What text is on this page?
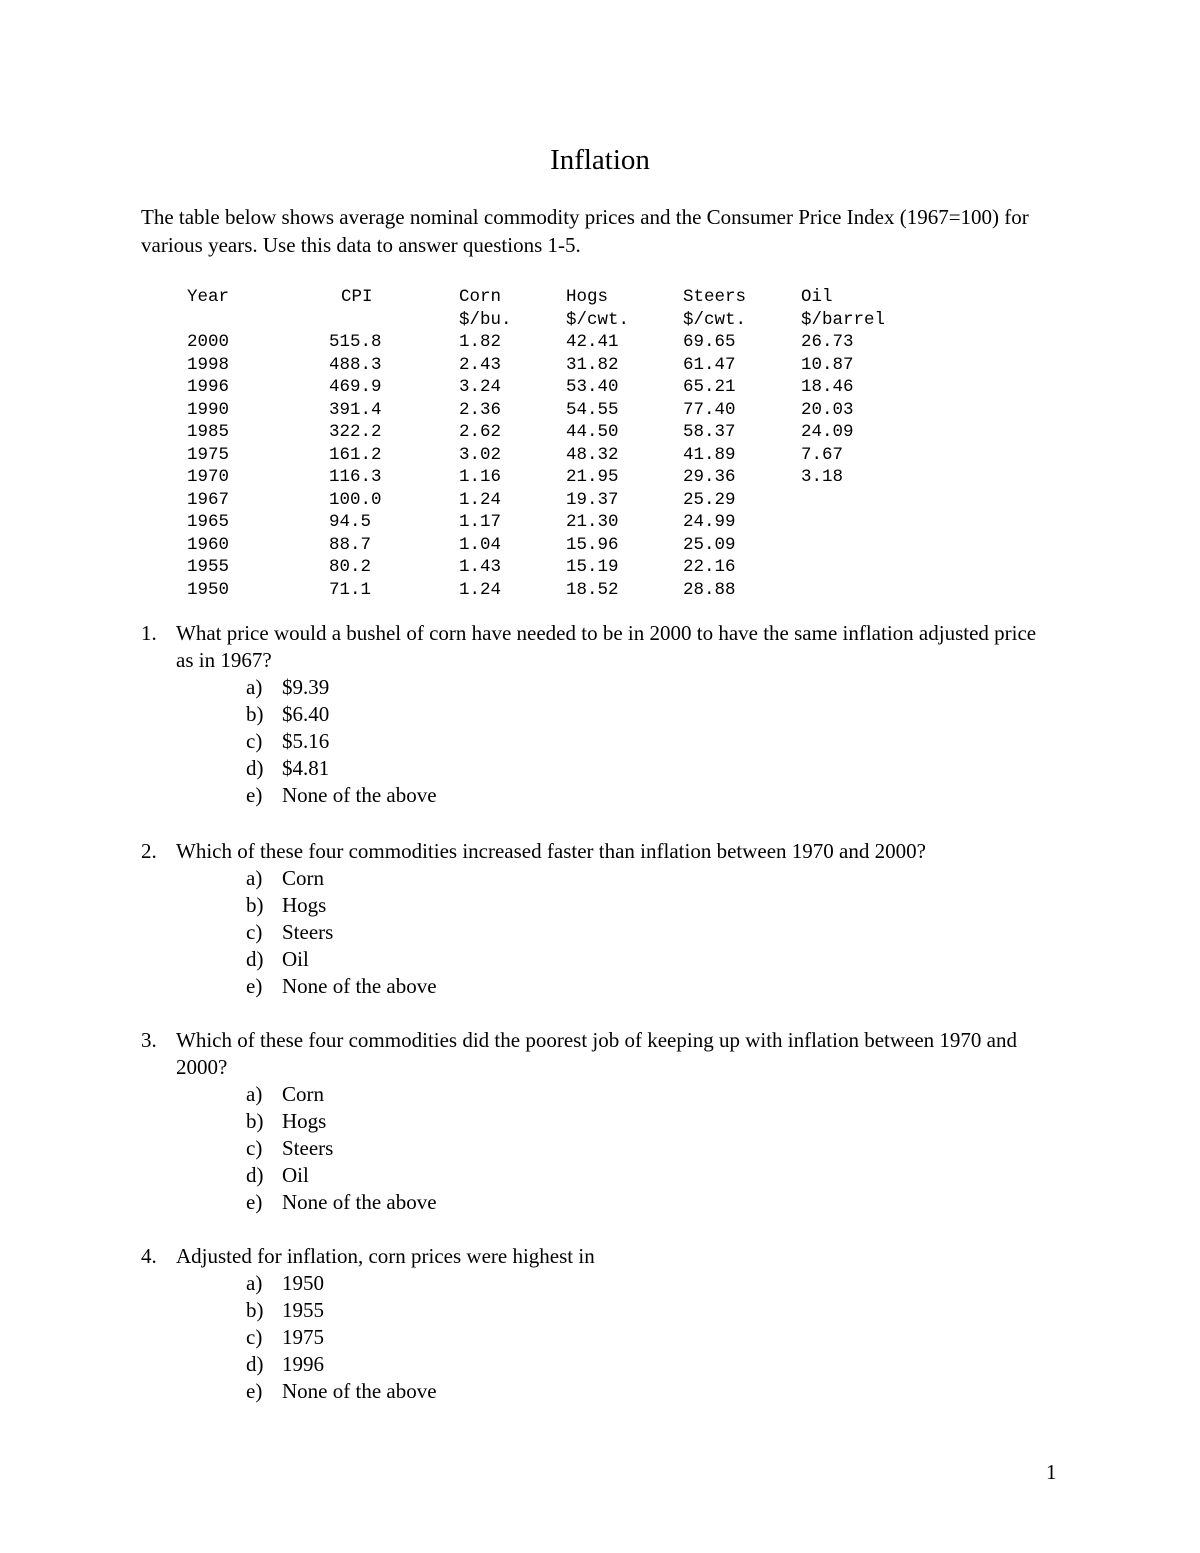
Inflation
The table below shows average nominal commodity prices and the Consumer Price Index (1967=100) for various years. Use this data to answer questions 1-5.
Year	CPI	Corn	Hogs	Steers	Oil
		$/bu.	$/cwt.	$/cwt.	$/barrel
2000	515.8	1.82	42.41	69.65	26.73
1998	488.3	2.43	31.82	61.47	10.87
1996	469.9	3.24	53.40	65.21	18.46
1990	391.4	2.36	54.55	77.40	20.03
1985	322.2	2.62	44.50	58.37	24.09
1975	161.2	3.02	48.32	41.89	7.67
1970	116.3	1.16	21.95	29.36	3.18
1967	100.0	1.24	19.37	25.29	
1965	94.5	1.17	21.30	24.99	
1960	88.7	1.04	15.96	25.09	
1955	80.2	1.43	15.19	22.16	
1950	71.1	1.24	18.52	28.88	
1. What price would a bushel of corn have needed to be in 2000 to have the same inflation adjusted price as in 1967?
a) $9.39
b) $6.40
c) $5.16
d) $4.81
e) None of the above
2. Which of these four commodities increased faster than inflation between 1970 and 2000?
a) Corn
b) Hogs
c) Steers
d) Oil
e) None of the above
3. Which of these four commodities did the poorest job of keeping up with inflation between 1970 and 2000?
a) Corn
b) Hogs
c) Steers
d) Oil
e) None of the above
4. Adjusted for inflation, corn prices were highest in
a) 1950
b) 1955
c) 1975
d) 1996
e) None of the above
1
